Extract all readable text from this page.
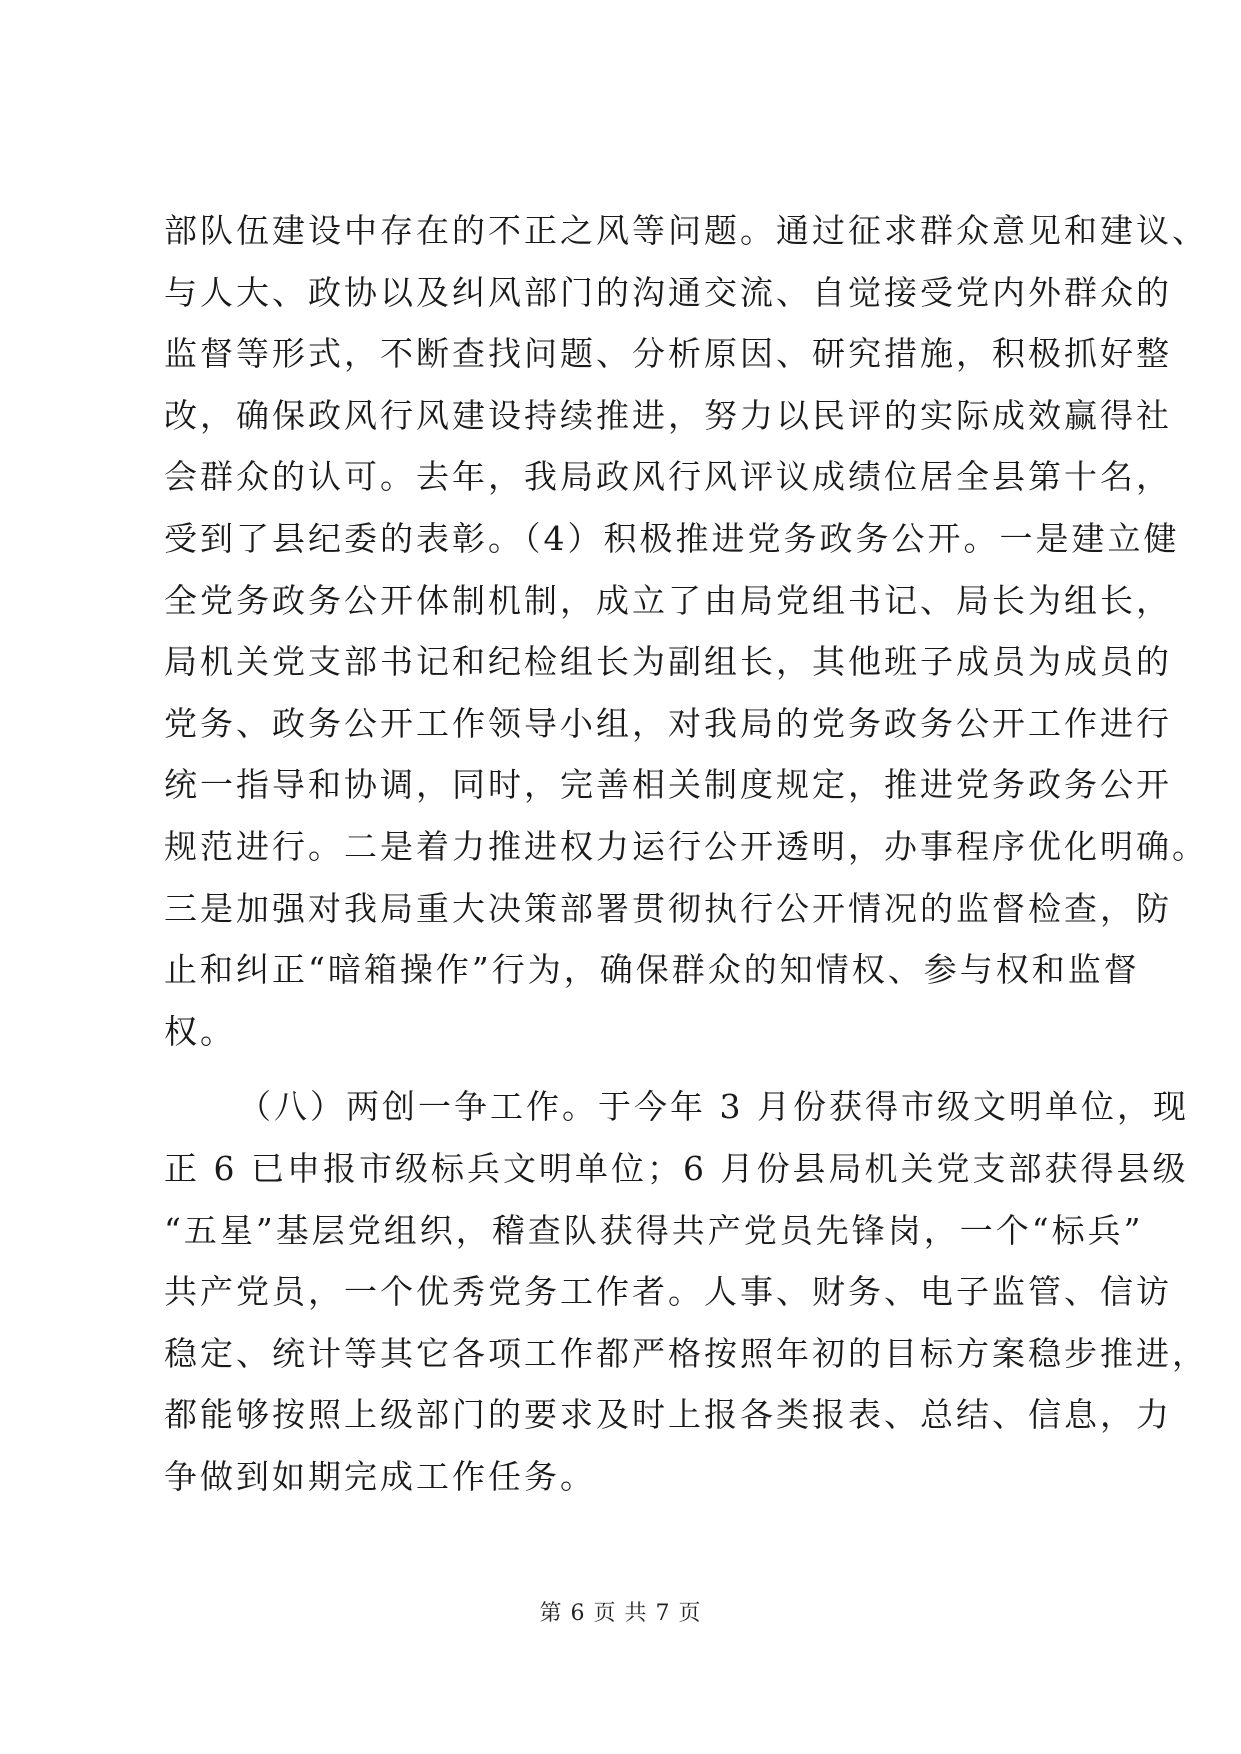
部队伍建设中存在的不正之风等问题。通过征求群众意见和建议、
与人大、政协以及纠风部门的沟通交流、自觉接受党内外群众的
监督等形式，不断查找问题、分析原因、研究措施，积极抓好整
改，确保政风行风建设持续推进，努力以民评的实际成效赢得社
会群众的认可。去年，我局政风行风评议成绩位居全县第十名，
受到了县纪委的表彰。（4）积极推进党务政务公开。一是建立健
全党务政务公开体制机制，成立了由局党组书记、局长为组长，
局机关党支部书记和纪检组长为副组长，其他班子成员为成员的
党务、政务公开工作领导小组，对我局的党务政务公开工作进行
统一指导和协调，同时，完善相关制度规定，推进党务政务公开
规范进行。二是着力推进权力运行公开透明，办事程序优化明确。
三是加强对我局重大决策部署贯彻执行公开情况的监督检查，防
止和纠正“暗箱操作”行为，确保群众的知情权、参与权和监督
权。
（八）两创一争工作。于今年 3 月份获得市级文明单位，现
正 6 已申报市级标兵文明单位；6 月份县局机关党支部获得县级
“五星”基层党组织，稽查队获得共产党员先锋岗，一个“标兵”
共产党员，一个优秀党务工作者。人事、财务、电子监管、信访
稳定、统计等其它各项工作都严格按照年初的目标方案稳步推进，
都能够按照上级部门的要求及时上报各类报表、总结、信息，力
争做到如期完成工作任务。
第 6 页 共 7 页
